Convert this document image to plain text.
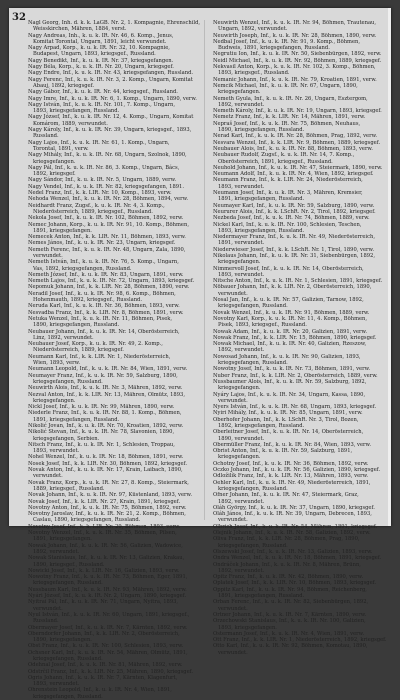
32 Nagl Georg, Inh. d. k. k. LaGB. Nr. 2, 1. Kompagnie, Ehrenschild,
Weisskirchen, Mähren, 1884, verst.
Nagy Andreas, Inh., k. u. k. IR. Nr. 46, 6. Komp., Jenus,
Komitat Torontal, Ungarn, 1891, leicht verwundet.
Nagy Arpad, Korp., k. u. k. IR. Nr. 32, 10. Kompagnie,
Budapest, Ungarn, 1893, kriegsgef., Russland.
Nagy Benedikt, Inf., k. u. k. IR. Nr. 37, kriegsgefangen.
Nagy Béla, Korp., k. u. k. IR. Nr. 20, Ungarn, kriegsgef.
Nagy Endre, Inf., k. u. k. IR. Nr. 43, kriegsgefangen, Russland.
Nagy Ferenc, Inf., k. u. k. IR. Nr. 3, 2. Komp., Ungarn, Komitat
Abauj, 1892, kriegsgef.
Nagy Gábor, Inf., k. u. k. IR. Nr. 44, kriegsgef., Russland.
Nagy Imre, Inf., k. u. k. IR. Nr. 6, 1. Komp., Ungarn, 1890, verw.
Nagy István, Inf., k. u. k. IR. Nr. 101, 7. Komp., Ungarn,
1893, kriegsgefangen, Russland.
Nagy József, Inf., k. u. k. IR. Nr. 12, 4. Komp., Ungarn, Komitat
Komárom, 1889, verwundet.
Nagy Károly, Inf., k. u. k. IR. Nr. 39, Ungarn, kriegsgef., 1893,
Russland.
Nagy Lajos, Inf., k. u. k. IR. Nr. 61, 1. Komp., Ungarn,
Torontal, 1891, verw.
Nagy Mihály, Inf., k. u. k. IR. Nr. 68, Ungarn, Szolnok, 1890,
kriegsgefangen.
Nagy Pál, Inf., k. u. k. IR. Nr. 86, 3. Komp., Ungarn, Bács,
1892, kriegsgef.
Nagy Sándor, Inf., k. u. k. IR. Nr. 5, Ungarn, 1889, verw.
Nagy Vendel, Inf., k. u. k. IR. Nr. 82, kriegsgefangen, 1891.
Nedel Franz, Inf., k. k. LIR. Nr. 10, Komp., 1893, verw.
Nehoda Wenzel, Inf., k. u. k. IR. Nr. 28, Böhmen, 1894, verw.
Neidhardt Franz, Zugsf., k. u. k. IR. Nr. 4, 3. Komp.,
Niederösterreich, 1889, kriegsgef., Russland.
Nekola Josef, Inf., k. u. k. IR. Nr. 102, Böhmen, 1892, verw.
Nemec Johann, Korp., k. u. k. IR. Nr. 91, 10. Komp., Böhmen,
1891, kriegsgefangen.
Nemecek Anton, Inf., k. k. LIR. Nr. 11, Böhmen, 1893, verw.
Nemes János, Inf., k. u. k. IR. Nr. 23, Ungarn, kriegsgef.
Nemeth Ferenc, Inf., k. u. k. IR. Nr. 48, Ungarn, Zala, 1890,
verwundet.
Nemeth István, Inf., k. u. k. IR. Nr. 76, 5. Komp., Ungarn,
Vas, 1892, kriegsgefangen, Russland.
Nemeth József, Inf., k. u. k. IR. Nr. 83, Ungarn, 1891, verw.
Nemeth Lajos, Inf., k. u. k. IR. Nr. 72, Ungarn, 1893, kriegsgef.
Nepomuk Johann, Inf., k. k. LIR. Nr. 28, Böhmen, 1890, verw.
Neradil Josef, Inf., k. u. k. IR. Nr. 98, 6. Komp., Böhmen,
Hohenmauth, 1892, kriegsgef., Russland.
Neruda Karl, Inf., k. u. k. IR. Nr. 36, Böhmen, 1893, verw.
Nesvadba Franz, Inf., k. k. LIR. Nr. 8, Böhmen, 1891, verw.
Netuka Wenzel, Inf., k. u. k. IR. Nr. 11, Böhmen, Pisek,
1890, kriegsgefangen, Russland.
Neubauer Johann, Inf., k. u. k. IR. Nr. 14, Oberösterreich,
Linz, 1892, verwundet.
Neubauer Josef, Korp., k. u. k. IR. Nr. 49, 2. Komp.,
Niederösterreich, 1889, kriegsgef.
Neumann Karl, Inf., k. k. LIR. Nr. 1, Niederösterreich,
Wien, 1893, verw.
Neumann Leopold, Inf., k. u. k. IR. Nr. 84, Wien, 1891, verw.
Neumayer Franz, Inf., k. u. k. IR. Nr. 59, Salzburg, 1890,
kriegsgefangen, Russland.
Neuwirth Alois, Inf., k. u. k. IR. Nr. 3, Mähren, 1892, verw.
Nezval Anton, Inf., k. k. LIR. Nr. 13, Mähren, Olmütz, 1893,
kriegsgefangen.
Nickl Josef, Inf., k. u. k. IR. Nr. 99, Mähren, 1890, verw.
Niederle Franz, Inf., k. u. k. IR. Nr. 88, 1. Komp., Böhmen,
1891, kriegsgefangen, Russland.
Nikolić Jovan, Inf., k. u. k. IR. Nr. 70, Kroatien, 1892, verw.
Nikolić Stevan, Inf., k. u. k. IR. Nr. 78, Slavonien, 1890,
kriegsgefangen, Serbien.
Nitsch Franz, Inf., k. u. k. IR. Nr. 1, Schlesien, Troppau,
1893, verwundet.
Nohel Wenzel, Inf., k. u. k. IR. Nr. 18, Böhmen, 1891, verw.
Nosek Josef, Inf., k. k. LIR. Nr. 30, Böhmen, 1892, kriegsgef.
Novak Anton, Inf., k. u. k. IR. Nr. 17, Krain, Laibach, 1890,
verwundet.
Novak Franz, Korp., k. u. k. IR. Nr. 27, 8. Komp., Steiermark,
1889, kriegsgef., Russland.
Novak Johann, Inf., k. u. k. IR. Nr. 97, Küstenland, 1893, verw.
Novak Josef, Inf., k. k. LIR. Nr. 27, Krain, 1891, kriegsgef.
Novotny Anton, Inf., k. u. k. IR. Nr. 75, Böhmen, 1892, verw.
Novotny Jaroslav, Inf., k. u. k. IR. Nr. 21, 2. Komp., Böhmen,
Caslau, 1890, kriegsgefangen, Russland.
Novotny Josef, Inf., k. k. LIR. Nr. 29, Böhmen, 1893, verw.
Novotny Wenzel, Inf., k. u. k. IR. Nr. 35, Böhmen, Pilsen,
1891, kriegsgefangen.
Nowak Johann, Inf., k. u. k. IR. Nr. 56, Galizien, Wadowice,
1892, verwundet.
Nowak Stanislaus, Inf., k. u. k. IR. Nr. 13, Galizien, Krakau,
1890, kriegsgef., Russland.
Nowicki Josef, Inf., k. k. LIR. Nr. 16, Galizien, 1893, verw.
Nowotny Franz, Inf., k. u. k. IR. Nr. 73, Böhmen, Eger, 1891,
kriegsgefangen, Russland.
Nussbaum Karl, Inf., k. u. k. IR. Nr. 93, Mähren, 1892, verw.
Nyári József, Inf., k. u. k. IR. Nr. 2, Ungarn, 1890, kriegsgef.
Nyitrai Pál, Inf., k. u. k. IR. Nr. 71, Ungarn, Nyitra, 1893,
verwundet.
Nyul István, Inf., k. u. k. IR. Nr. 60, Ungarn, 1891, kriegsgef.,
Russland.
Obermayer Josef, Inf., k. u. k. IR. Nr. 7, Kärnten, 1892, verw.
Oberndorfer Johann, Inf., k. k. LIR. Nr. 2, Oberösterreich,
1890, kriegsgefangen.
Obst Franz, Inf., k. u. k. IR. Nr. 100, Schlesien, 1893, verw.
Ochsner Karl, Inf., k. u. k. IR. Nr. 54, Mähren, Olmütz, 1891,
kriegsgefangen, Russland.
Odehnal Josef, Inf., k. u. k. IR. Nr. 81, Mähren, 1892, verw.
Odstrčil Franz, Inf., k. k. LIR. Nr. 25, Mähren, 1890, kriegsgef.
Ogris Johann, Inf., k. u. k. IR. Nr. 7, Kärnten, Klagenfurt,
1893, verwundet.
Ohrenstein Leopold, Inf., k. u. k. IR. Nr. 4, Wien, 1891,
kriegsgefangen, Russland.
Neuwirth Wenzel, Inf., k. u. k. IR. Nr. 94, Böhmen, Trautenau,
Ungarn, 1892, verwundet.
Neuwirth Joseph, Inf., k. u. k. IR. Nr. 28, Böhmen, 1890, verw.
Nedbal Josef, Inf., k. u. k. IR. Nr. 91, 9. Komp., Böhmen,
Budweis, 1891, kriegsgefangen, Russland.
Negrutiu Ion, Inf., k. u. k. IR. Nr. 50, Siebenbürgen, 1892, verw.
Neidl Michael, Inf., k. u. k. IR. Nr. 92, Böhmen, 1889, kriegsgef.
Nekvasil Anton, Korp., k. u. k. IR. Nr. 102, 3. Komp., Böhmen,
1893, kriegsgef., Russland.
Nemanic Johann, Inf., k. u. k. IR. Nr. 79, Kroatien, 1891, verw.
Nemcik Michael, Inf., k. u. k. IR. Nr. 67, Ungarn, 1890,
kriegsgefangen.
Nemeth Gyula, Inf., k. u. k. IR. Nr. 26, Ungarn, Esztergom,
1892, verwundet.
Nemeth Károly, Inf., k. u. k. IR. Nr. 19, Ungarn, 1893, kriegsgef.
Nemetz Franz, Inf., k. k. LIR. Nr. 14, Mähren, 1891, verw.
Nepraš Josef, Inf., k. u. k. IR. Nr. 75, Böhmen, Neuhaus,
1890, kriegsgefangen, Russland.
Nerad Karl, Inf., k. u. k. IR. Nr. 28, Böhmen, Prag, 1892, verw.
Nesvara Wenzel, Inf., k. k. LIR. Nr. 9, Böhmen, 1889, kriegsgef.
Neubauer Alois, Inf., k. u. k. IR. Nr. 88, Böhmen, 1893, verw.
Neubauer Rudolf, Zugsf., k. u. k. IR. Nr. 14, 7. Komp.,
Oberösterreich, 1891, kriegsgef., Russland.
Neuhold Johann, Inf., k. u. k. IR. Nr. 47, Steiermark, 1890, verw.
Neumann Adolf, Inf., k. u. k. IR. Nr. 4, Wien, 1892, kriegsgef.
Neumann Franz, Inf., k. k. LIR. Nr. 24, Niederösterreich,
1893, verwundet.
Neumann Josef, Inf., k. u. k. IR. Nr. 3, Mähren, Kremsier,
1891, kriegsgefangen, Russland.
Neumayer Karl, Inf., k. u. k. IR. Nr. 59, Salzburg, 1890, verw.
Neururer Alois, Inf., k. k. LSchR. Nr. 2, Tirol, 1892, kriegsgef.
Nezbeda Josef, Inf., k. u. k. IR. Nr. 74, Böhmen, 1889, verw.
Nickel Karl, Inf., k. u. k. IR. Nr. 100, Schlesien, Teschen,
1893, kriegsgefangen, Russland.
Niedermayer Franz, Inf., k. u. k. IR. Nr. 49, Niederösterreich,
1891, verwundet.
Niederwieser Josef, Inf., k. k. LSchR. Nr. 1, Tirol, 1890, verw.
Nikolaus Johann, Inf., k. u. k. IR. Nr. 31, Siebenbürgen, 1892,
kriegsgefangen.
Nimmervoll Josef, Inf., k. u. k. IR. Nr. 14, Oberösterreich,
1893, verwundet.
Nitsche Anton, Inf., k. u. k. IR. Nr. 1, Schlesien, 1891, kriegsgef.
Nöbauer Johann, Inf., k. k. LIR. Nr. 2, Oberösterreich, 1890,
verwundet.
Nosal Jan, Inf., k. u. k. IR. Nr. 57, Galizien, Tarnow, 1892,
kriegsgefangen, Russland.
Novak Wenzel, Inf., k. u. k. IR. Nr. 91, Böhmen, 1889, verw.
Novotny Karl, Korp., k. u. k. IR. Nr. 11, 4. Komp., Böhmen,
Pisek, 1893, kriegsgef., Russland.
Nowak Adam, Inf., k. u. k. IR. Nr. 20, Galizien, 1891, verw.
Nowak Franz, Inf., k. k. LIR. Nr. 15, Böhmen, 1890, kriegsgef.
Nowak Michael, Inf., k. u. k. IR. Nr. 40, Galizien, Rzeszow,
1892, verwundet.
Nowosad Johann, Inf., k. u. k. IR. Nr. 90, Galizien, 1893,
kriegsgefangen, Russland.
Nowotny Josef, Inf., k. u. k. IR. Nr. 73, Böhmen, 1891, verw.
Nuber Franz, Inf., k. k. LIR. Nr. 2, Oberösterreich, 1889, verw.
Nussbaumer Alois, Inf., k. u. k. IR. Nr. 59, Salzburg, 1892,
kriegsgefangen.
Nyáry Lajos, Inf., k. u. k. IR. Nr. 34, Ungarn, Kassa, 1890,
verwundet.
Nyers István, Inf., k. u. k. IR. Nr. 68, Ungarn, 1893, kriegsgef.
Nyiri Mihály, Inf., k. u. k. IR. Nr. 85, Ungarn, 1891, verw.
Oberhofer Johann, Inf., k. k. LSchR. Nr. 3, Tirol, Bozen,
1892, kriegsgefangen, Russland.
Oberleitner Josef, Inf., k. u. k. IR. Nr. 14, Oberösterreich,
1890, verwundet.
Obermüller Franz, Inf., k. u. k. IR. Nr. 84, Wien, 1893, verw.
Obrist Anton, Inf., k. u. k. IR. Nr. 59, Salzburg, 1891,
kriegsgefangen.
Ochotny Josef, Inf., k. u. k. IR. Nr. 36, Böhmen, 1892, verw.
Oczko Johann, Inf., k. u. k. IR. Nr. 56, Galizien, 1890, kriegsgef.
Odložilík Franz, Inf., k. k. LIR. Nr. 13, Mähren, 1893, verw.
Oehler Karl, Inf., k. u. k. IR. Nr. 49, Niederösterreich, 1891,
kriegsgefangen, Russland.
Ofner Johann, Inf., k. u. k. IR. Nr. 47, Steiermark, Graz,
1892, verwundet.
Oláh György, Inf., k. u. k. IR. Nr. 37, Ungarn, 1890, kriegsgef.
Oláh János, Inf., k. u. k. IR. Nr. 39, Ungarn, Debrecen, 1893,
verwundet.
Olbrich Josef, Inf., k. u. k. IR. Nr. 54, Mähren, 1891, kriegsgef.
Olejnik Johann, Inf., k. u. k. IR. Nr. 58, Galizien, 1892, verw.
Oliva Franz, Inf., k. k. LIR. Nr. 28, Böhmen, Prag, 1890,
kriegsgefangen, Russland.
Olszewski Josef, Inf., k. u. k. IR. Nr. 13, Galizien, 1893, verw.
Ondra Wenzel, Inf., k. u. k. IR. Nr. 18, Böhmen, 1891, kriegsgef.
Ondráček Johann, Inf., k. u. k. IR. Nr. 8, Mähren, Brünn,
1892, verwundet.
Opitz Franz, Inf., k. u. k. IR. Nr. 42, Böhmen, 1890, verw.
Oplatek Josef, Inf., k. k. LIR. Nr. 10, Böhmen, 1893, kriegsgef.
Oppitz Karl, Inf., k. u. k. IR. Nr. 94, Böhmen, Reichenberg,
1891, kriegsgefangen, Russland.
Orban Ferenc, Inf., k. u. k. IR. Nr. 82, Siebenbürgen, 1892,
verwundet.
Ortner Johann, Inf., k. u. k. IR. Nr. 7, Kärnten, 1890, verw.
Orzechowski Stanislaus, Inf., k. u. k. IR. Nr. 100, Galizien,
1893, kriegsgefangen.
Ostermann Josef, Inf., k. u. k. IR. Nr. 4, Wien, 1891, verw.
Ott Franz, Inf., k. k. LIR. Nr. 1, Niederösterreich, 1892, kriegsgef.
Otto Karl, Inf., k. u. k. IR. Nr. 92, Böhmen, Komotau, 1890,
verwundet.
